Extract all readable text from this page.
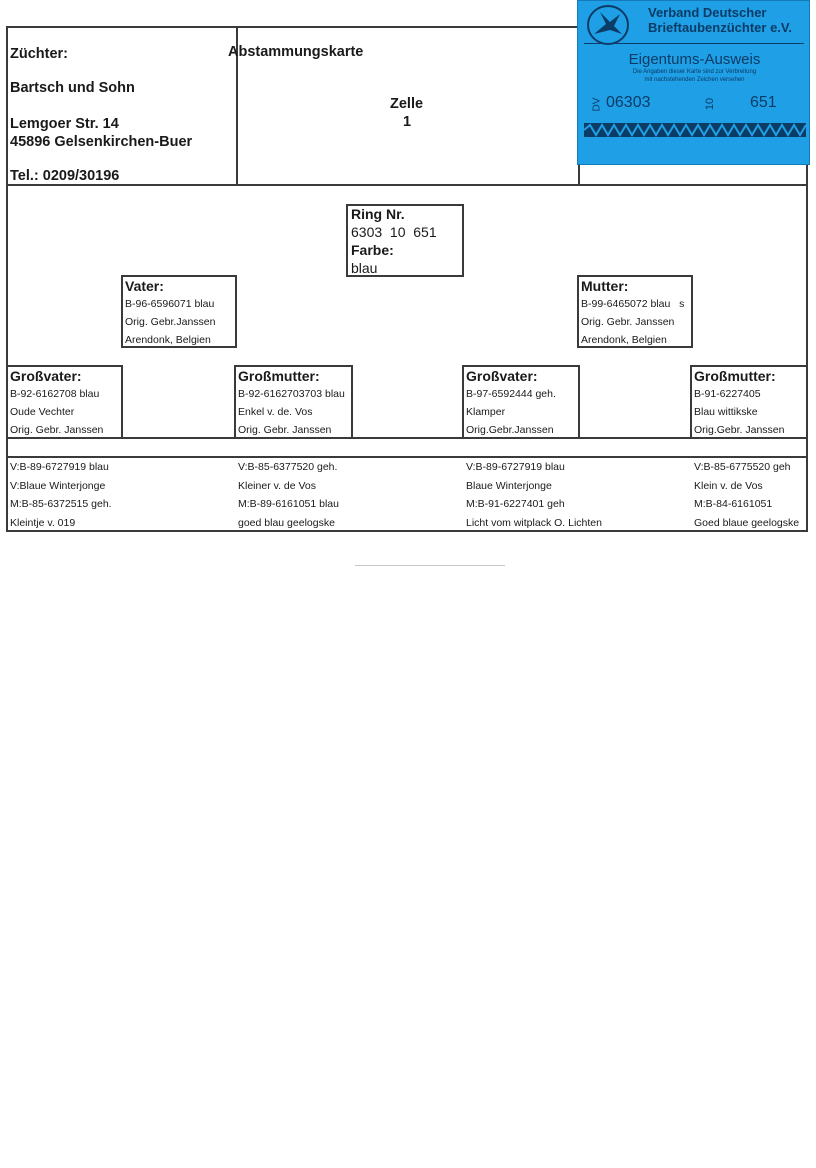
Züchter:
Bartsch und Sohn
Lemgoer Str. 14
45896 Gelsenkirchen-Buer
Tel.: 0209/30196
Abstammungskarte
Zelle
1
Verband Deutscher
Brieftaubenzüchter e.V.
Eigentums-Ausweis
Die Angaben dieser Karte sind zur Verbreitung
mit nachstehenden Zeichen versehen
DV 06303	10 651
Ring Nr.
6303  10  651
Farbe:
blau
Vater:
B-96-6596071 blau
Orig. Gebr.Janssen
Arendonk, Belgien
Mutter:
B-99-6465072 blau   s
Orig. Gebr. Janssen
Arendonk, Belgien
Großvater:
B-92-6162708 blau
Oude Vechter
Orig. Gebr. Janssen
Großmutter:
B-92-6162703703 blau
Enkel v. de. Vos
Orig. Gebr. Janssen
Großvater:
B-97-6592444 geh.
Klamper
Orig.Gebr.Janssen
Großmutter:
B-91-6227405
Blau wittikske
Orig.Gebr. Janssen
V:B-89-6727919 blau
V:Blaue Winterjonge
M:B-85-6372515 geh.
Kleintje v. 019
V:B-85-6377520 geh.
Kleiner v. de Vos
M:B-89-6161051 blau
goed blau geelogske
V:B-89-6727919 blau
Blaue Winterjonge
M:B-91-6227401 geh
Licht vom witplack O. Lichten
V:B-85-6775520 geh
Klein v. de Vos
M:B-84-6161051
Goed blaue geelogske
